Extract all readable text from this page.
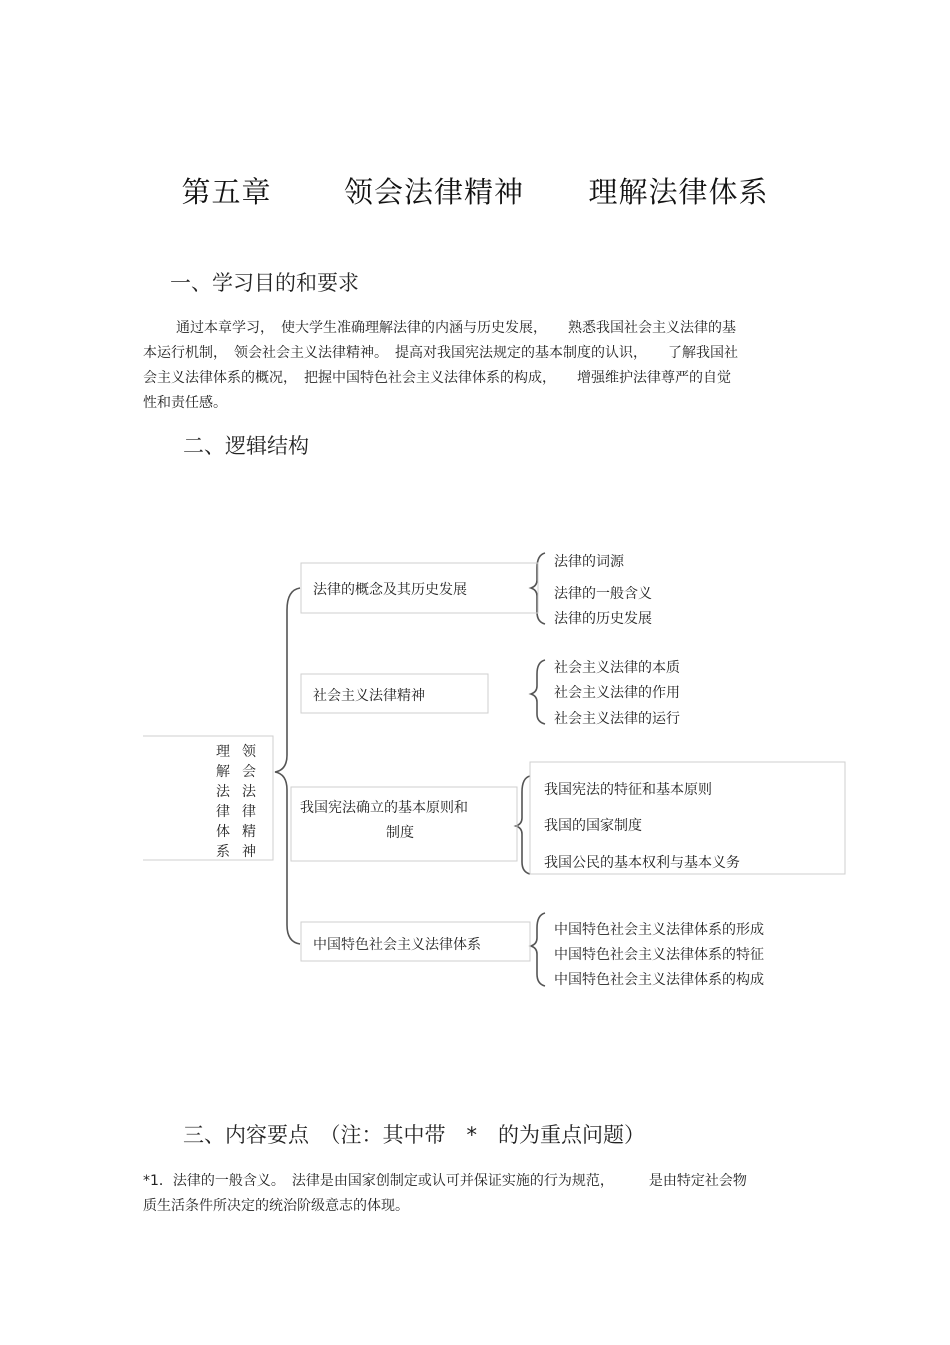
第五章 领会法律精神 理解法律体系
一、学习目的和要求
通过本章学习，　使大学生准确理解法律的内涵与历史发展，　　熟悉我国社会主义法律的基
本运行机制，　领会社会主义法律精神。　提高对我国宪法规定的基本制度的认识，　　了解我国社
会主义法律体系的概况，　把握中国特色社会主义法律体系的构成，　　增强维护法律尊严的自觉
性和责任感。
二、逻辑结构
理解法律体系
领会法律精神
法律的概念及其历史发展
社会主义法律精神
我国宪法确立的基本原则和
制度
中国特色社会主义法律体系
法律的词源
法律的一般含义
法律的历史发展
社会主义法律的本质
社会主义法律的作用
社会主义法律的运行
我国宪法的特征和基本原则
我国的国家制度
我国公民的基本权利与基本义务
中国特色社会主义法律体系的形成
中国特色社会主义法律体系的特征
中国特色社会主义法律体系的构成
三、内容要点　（注：其中带　*　的为重点问题）
*1．法律的一般含义。　法律是由国家创制定或认可并保证实施的行为规范，　　　是由特定社会物
质生活条件所决定的统治阶级意志的体现。
